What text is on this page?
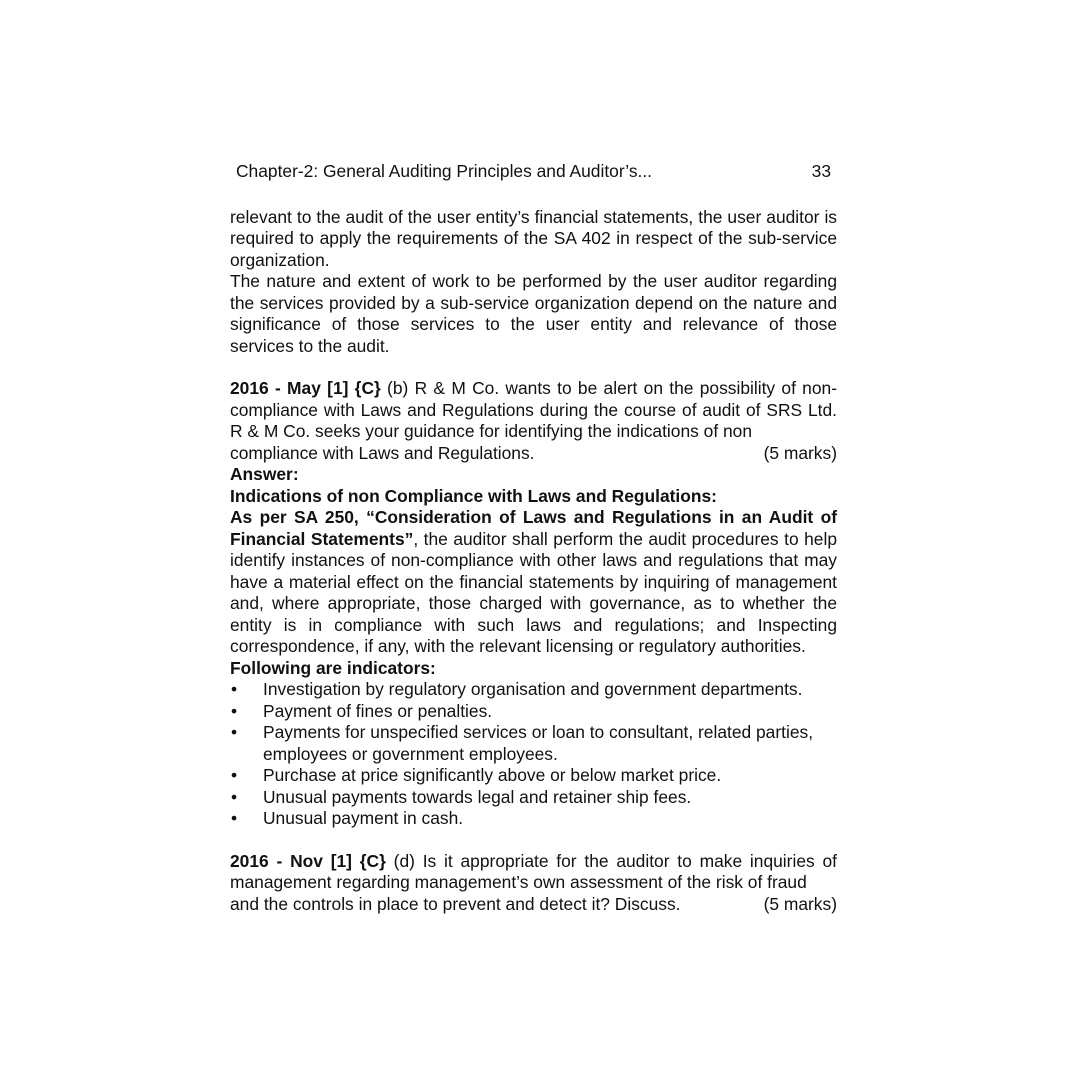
Chapter-2: General Auditing Principles and Auditor’s...	33

relevant to the audit of the user entity’s financial statements, the user auditor is required to apply the requirements of the SA 402 in respect of the sub-service organization.

The nature and extent of work to be performed by the user auditor regarding the services provided by a sub-service organization depend on the nature and significance of those services to the user entity and relevance of those services to the audit.

2016 - May [1] {C} (b) R & M Co. wants to be alert on the possibility of non-compliance with Laws and Regulations during the course of audit of SRS Ltd. R & M Co. seeks your guidance for identifying the indications of non

compliance with Laws and Regulations.	(5 marks)

Answer:

Indications of non Compliance with Laws and Regulations:

As per SA 250, “Consideration of Laws and Regulations in an Audit of Financial Statements”, the auditor shall perform the audit procedures to help identify instances of non-compliance with other laws and regulations that may have a material effect on the financial statements by inquiring of management and, where appropriate, those charged with governance, as to whether the entity is in compliance with such laws and regulations; and Inspecting correspondence, if any, with the relevant licensing or regulatory authorities.

Following are indicators:

• Investigation by regulatory organisation and government departments.
• Payment of fines or penalties.
• Payments for unspecified services or loan to consultant, related parties, employees or government employees.
• Purchase at price significantly above or below market price.
• Unusual payments towards legal and retainer ship fees.
• Unusual payment in cash.

2016 - Nov [1] {C} (d) Is it appropriate for the auditor to make inquiries of management regarding management’s own assessment of the risk of fraud

and the controls in place to prevent and detect it? Discuss.	(5 marks)
